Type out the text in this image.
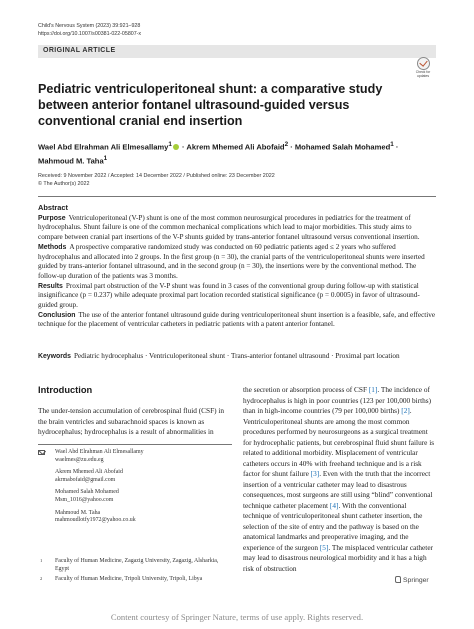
Child's Nervous System (2023) 39:921–928
https://doi.org/10.1007/s00381-022-05807-x
ORIGINAL ARTICLE
Check for
updates
Pediatric ventriculoperitoneal shunt: a comparative study between anterior fontanel ultrasound-guided versus conventional cranial end insertion
Wael Abd Elrahman Ali Elmesallamy$^1$ · Akrem Mhemed Ali Abofaid$^2$ · Mohamed Salah Mohamed$^1$ ·
Mahmoud M. Taha$^1$
Received: 9 November 2022 / Accepted: 14 December 2022 / Published online: 23 December 2022
© The Author(s) 2022
Abstract
Purpose Ventriculoperitoneal (V-P) shunt is one of the most common neurosurgical procedures in pediatrics for the treatment of hydrocephalus. Shunt failure is one of the common mechanical complications which lead to major morbidities. This study aims to compare between cranial part insertions of the V-P shunts guided by trans-anterior fontanel ultrasound versus conventional insertion.
Methods A prospective comparative randomized study was conducted on 60 pediatric patients aged ≤ 2 years who suffered hydrocephalus and allocated into 2 groups. In the first group (n = 30), the cranial parts of the ventriculoperitoneal shunts were inserted guided by trans-anterior fontanel ultrasound, and in the second group (n = 30), the insertions were by the conventional method. The follow-up duration of the patients was 3 months.
Results Proximal part obstruction of the V-P shunt was found in 3 cases of the conventional group during follow-up with statistical insignificance (p = 0.237) while adequate proximal part location recorded statistical significance (p = 0.0005) in favor of ultrasound-guided group.
Conclusion The use of the anterior fontanel ultrasound guide during ventriculoperitoneal shunt insertion is a feasible, safe, and effective technique for the placement of ventricular catheters in pediatric patients with a patent anterior fontanel.
Keywords Pediatric hydrocephalus · Ventriculoperitoneal shunt · Trans-anterior fontanel ultrasound · Proximal part location
Introduction

The under-tension accumulation of cerebrospinal fluid (CSF) in the brain ventricles and subarachnoid spaces is known as hydrocephalus; hydrocephalus is a result of abnormalities in

Wael Abd Elrahman Ali Elmesallamy
waelmes@zu.edu.eg
Akrem Mhemed Ali Abofaid
akrmabofaid@gmail.com
Mohamed Salah Mohamed
Msm_1016@yahoo.com
Mahmoud M. Taha
mahmoudlotfy1972@yahoo.co.uk
1 Faculty of Human Medicine, Zagazig University, Zagazig, Alsharkia, Egypt
2 Faculty of Human Medicine, Tripoli University, Tripoli, Libya

the secretion or absorption process of CSF [1]. The incidence of hydrocephalus is high in poor countries (123 per 100,000 births) than in high-income countries (79 per 100,000 births) [2]. Ventriculoperitoneal shunts are among the most common procedures performed by neurosurgeons as a surgical treatment for hydrocephalic patients, but cerebrospinal fluid shunt failure is related to additional morbidity. Misplacement of ventricular catheters occurs in 40% with freehand technique and is a risk factor for shunt failure [3]. Even with the truth that the incorrect insertion of a ventricular catheter may lead to disastrous consequences, most surgeons are still using “blind” conventional technique catheter placement [4]. With the conventional technique of ventriculoperitoneal shunt catheter insertion, the selection of the site of entry and the pathway is based on the anatomical landmarks and preoperative imaging, and the experience of the surgeon [5]. The misplaced ventricular catheter may lead to disastrous neurological morbidity and it has a high risk of obstruction

Springer
Content courtesy of Springer Nature, terms of use apply. Rights reserved.
